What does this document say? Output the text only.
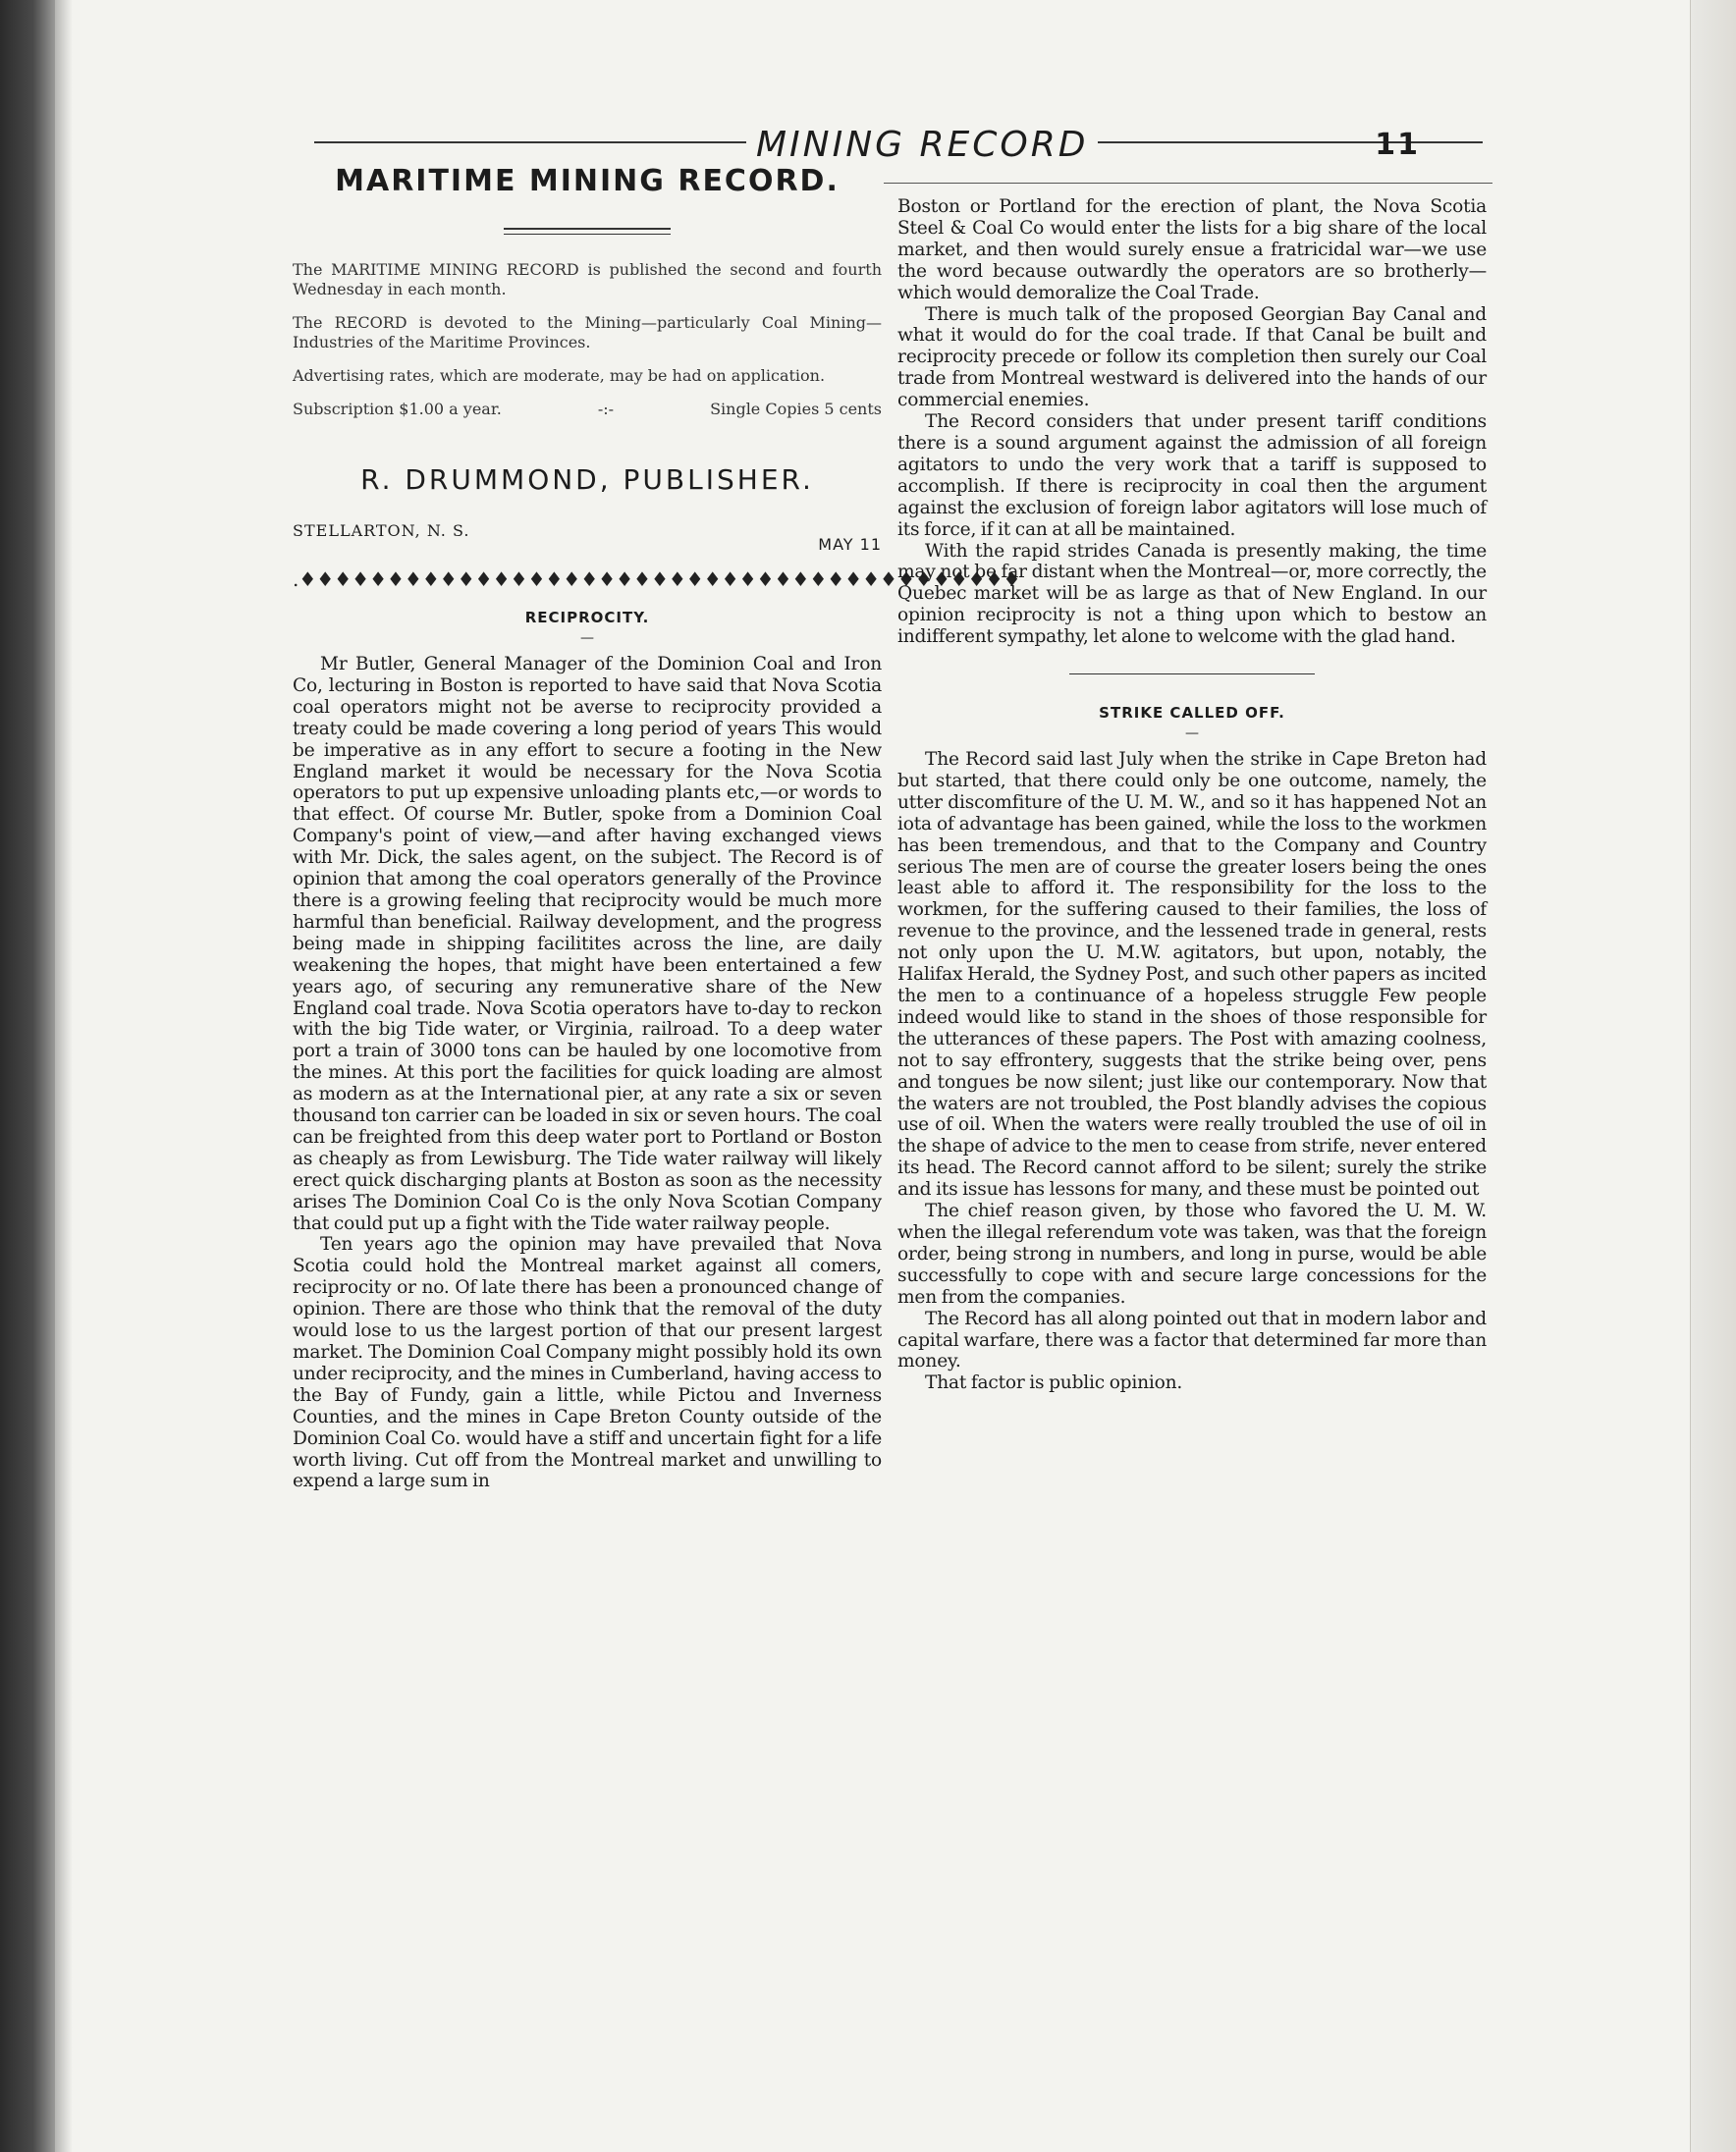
MINING RECORD	11
MARITIME MINING RECORD.

The MARITIME MINING RECORD is published the second and fourth Wednesday in each month.

The RECORD is devoted to the Mining—particularly Coal Mining—Industries of the Maritime Provinces.

Advertising rates, which are moderate, may be had on application.

Subscription $1.00 a year.	-:-	Single Copies 5 cents
R. DRUMMOND, PUBLISHER.
STELLARTON, N. S.
MAY 11
.♦♦♦♦♦♦♦♦♦♦♦♦♦♦♦♦♦♦♦♦♦♦♦♦♦♦♦♦♦♦♦♦♦♦♦♦♦♦♦♦♦
RECIPROCITY.
—

Mr Butler, General Manager of the Dominion Coal and Iron Co, lecturing in Boston is reported to have said that Nova Scotia coal operators might not be averse to reciprocity provided a treaty could be made covering a long period of years This would be imperative as in any effort to secure a footing in the New England market it would be necessary for the Nova Scotia operators to put up expensive unloading plants etc,—or words to that effect. Of course Mr. Butler, spoke from a Dominion Coal Company's point of view,—and after having exchanged views with Mr. Dick, the sales agent, on the subject. The Record is of opinion that among the coal operators generally of the Province there is a growing feeling that reciprocity would be much more harmful than beneficial. Railway development, and the progress being made in shipping facilitites across the line, are daily weakening the hopes, that might have been entertained a few years ago, of securing any remunerative share of the New England coal trade. Nova Scotia operators have to-day to reckon with the big Tide water, or Virginia, railroad. To a deep water port a train of 3000 tons can be hauled by one locomotive from the mines. At this port the facilities for quick loading are almost as modern as at the International pier, at any rate a six or seven thousand ton carrier can be loaded in six or seven hours. The coal can be freighted from this deep water port to Portland or Boston as cheaply as from Lewisburg. The Tide water railway will likely erect quick discharging plants at Boston as soon as the necessity arises The Dominion Coal Co is the only Nova Scotian Company that could put up a fight with the Tide water railway people.

Ten years ago the opinion may have prevailed that Nova Scotia could hold the Montreal market against all comers, reciprocity or no. Of late there has been a pronounced change of opinion. There are those who think that the removal of the duty would lose to us the largest portion of that our present largest market. The Dominion Coal Company might possibly hold its own under reciprocity, and the mines in Cumberland, having access to the Bay of Fundy, gain a little, while Pictou and Inverness Counties, and the mines in Cape Breton County outside of the Dominion Coal Co. would have a stiff and uncertain fight for a life worth living. Cut off from the Montreal market and unwilling to expend a large sum in

Boston or Portland for the erection of plant, the Nova Scotia Steel & Coal Co would enter the lists for a big share of the local market, and then would surely ensue a fratricidal war—we use the word because outwardly the operators are so brotherly—which would demoralize the Coal Trade.

There is much talk of the proposed Georgian Bay Canal and what it would do for the coal trade. If that Canal be built and reciprocity precede or follow its completion then surely our Coal trade from Montreal westward is delivered into the hands of our commercial enemies.

The Record considers that under present tariff conditions there is a sound argument against the admission of all foreign agitators to undo the very work that a tariff is supposed to accomplish. If there is reciprocity in coal then the argument against the exclusion of foreign labor agitators will lose much of its force, if it can at all be maintained.

With the rapid strides Canada is presently making, the time may not be far distant when the Montreal—or, more correctly, the Quebec market will be as large as that of New England. In our opinion reciprocity is not a thing upon which to bestow an indifferent sympathy, let alone to welcome with the glad hand.

STRIKE CALLED OFF.
—

The Record said last July when the strike in Cape Breton had but started, that there could only be one outcome, namely, the utter discomfiture of the U. M. W., and so it has happened Not an iota of advantage has been gained, while the loss to the workmen has been tremendous, and that to the Company and Country serious The men are of course the greater losers being the ones least able to afford it. The responsibility for the loss to the workmen, for the suffering caused to their families, the loss of revenue to the province, and the lessened trade in general, rests not only upon the U. M.W. agitators, but upon, notably, the Halifax Herald, the Sydney Post, and such other papers as incited the men to a continuance of a hopeless struggle Few people indeed would like to stand in the shoes of those responsible for the utterances of these papers. The Post with amazing coolness, not to say effrontery, suggests that the strike being over, pens and tongues be now silent; just like our contemporary. Now that the waters are not troubled, the Post blandly advises the copious use of oil. When the waters were really troubled the use of oil in the shape of advice to the men to cease from strife, never entered its head. The Record cannot afford to be silent; surely the strike and its issue has lessons for many, and these must be pointed out

The chief reason given, by those who favored the U. M. W. when the illegal referendum vote was taken, was that the foreign order, being strong in numbers, and long in purse, would be able successfully to cope with and secure large concessions for the men from the companies.

The Record has all along pointed out that in modern labor and capital warfare, there was a factor that determined far more than money.

That factor is public opinion.
